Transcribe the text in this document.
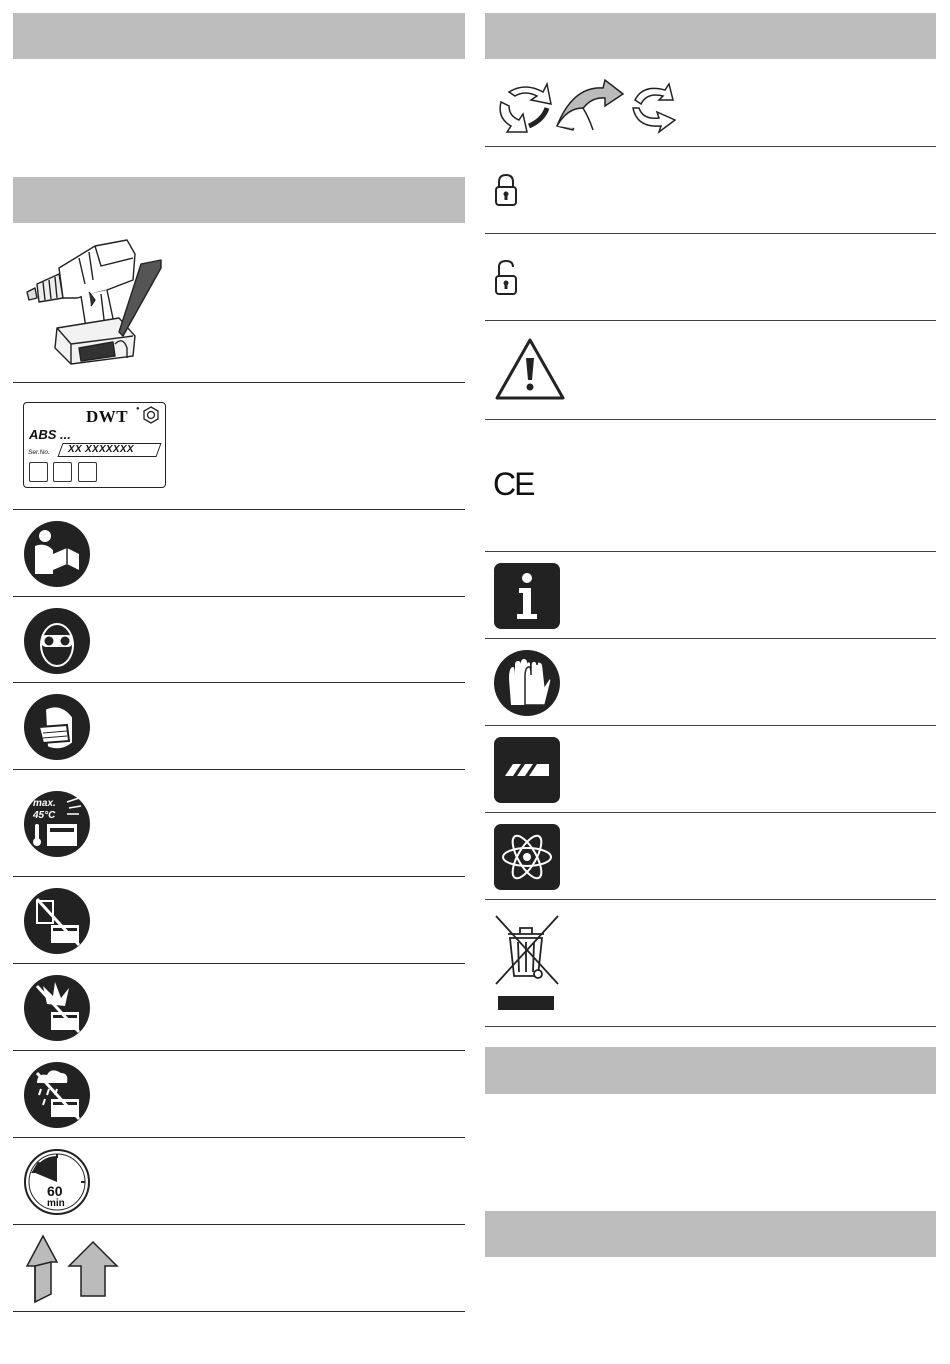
DWT ●
ABS ...
Ser.No. XX XXXXXXX
max.
45°C
60
min
CE
